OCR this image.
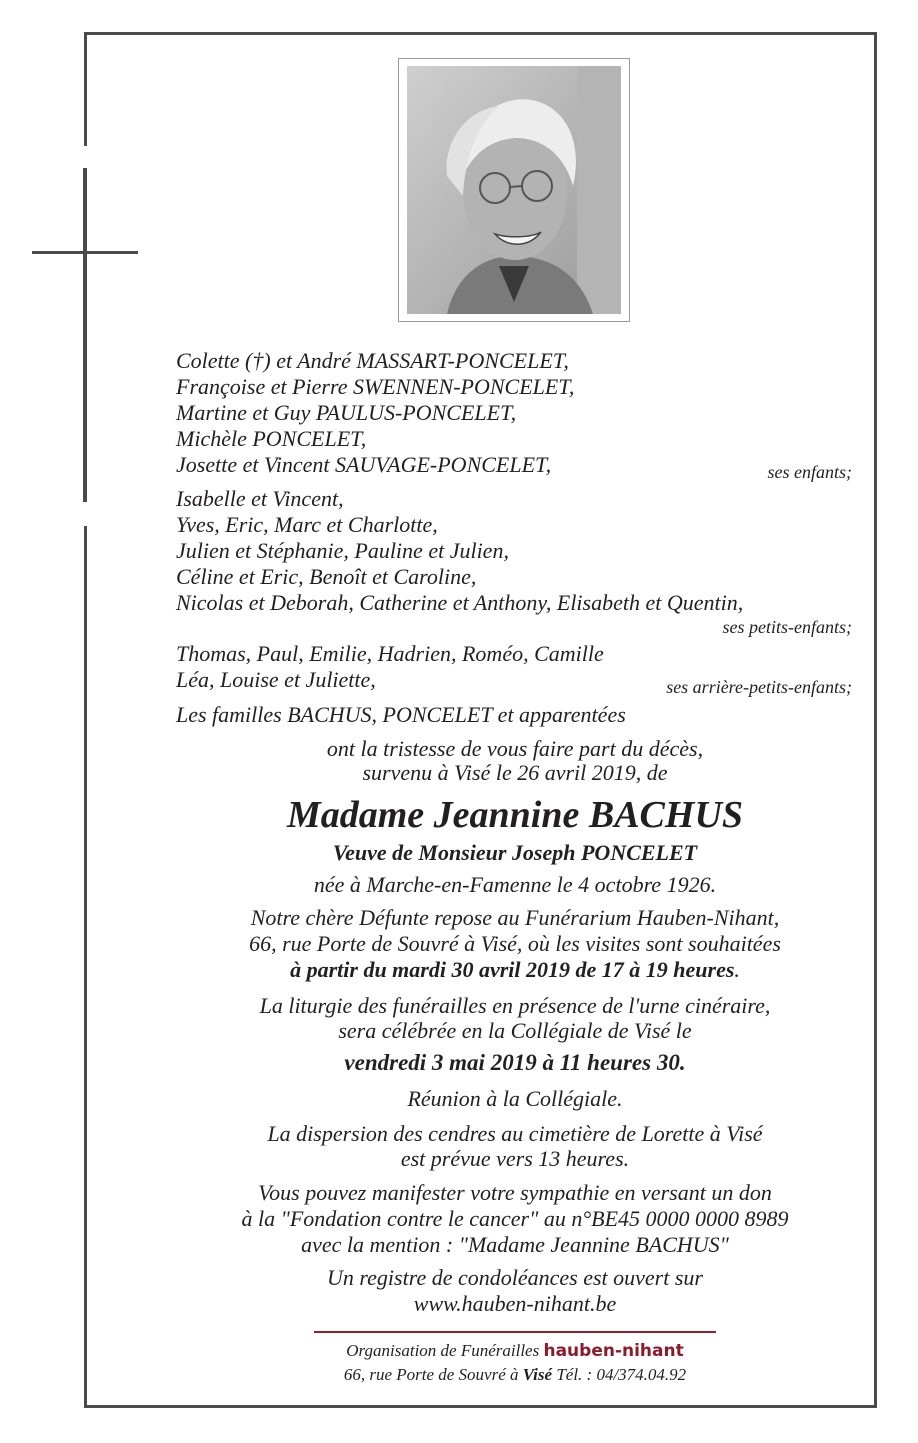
Colette (†) et André MASSART-PONCELET,
Françoise et Pierre SWENNEN-PONCELET,
Martine et Guy PAULUS-PONCELET,
Michèle PONCELET,
Josette et Vincent SAUVAGE-PONCELET,	ses enfants;
Isabelle et Vincent,
Yves, Eric, Marc et Charlotte,
Julien et Stéphanie, Pauline et Julien,
Céline et Eric, Benoît et Caroline,
Nicolas et Deborah, Catherine et Anthony, Elisabeth et Quentin,
ses petits-enfants;
Thomas, Paul, Emilie, Hadrien, Roméo, Camille
Léa, Louise et Juliette,	ses arrière-petits-enfants;
Les familles BACHUS, PONCELET et apparentées
ont la tristesse de vous faire part du décès,
survenu à Visé le 26 avril 2019, de
Madame Jeannine BACHUS
Veuve de Monsieur Joseph PONCELET
née à Marche-en-Famenne le 4 octobre 1926.
Notre chère Défunte repose au Funérarium Hauben-Nihant,
66, rue Porte de Souvré à Visé, où les visites sont souhaitées
à partir du mardi 30 avril 2019 de 17 à 19 heures.
La liturgie des funérailles en présence de l'urne cinéraire,
sera célébrée en la Collégiale de Visé le
vendredi 3 mai 2019 à 11 heures 30.
Réunion à la Collégiale.
La dispersion des cendres au cimetière de Lorette à Visé
est prévue vers 13 heures.
Vous pouvez manifester votre sympathie en versant un don
à la "Fondation contre le cancer" au n°BE45 0000 0000 8989
avec la mention : "Madame Jeannine BACHUS"
Un registre de condoléances est ouvert sur
www.hauben-nihant.be
Organisation de Funérailles hauben-nihant
66, rue Porte de Souvré à Visé Tél. : 04/374.04.92
